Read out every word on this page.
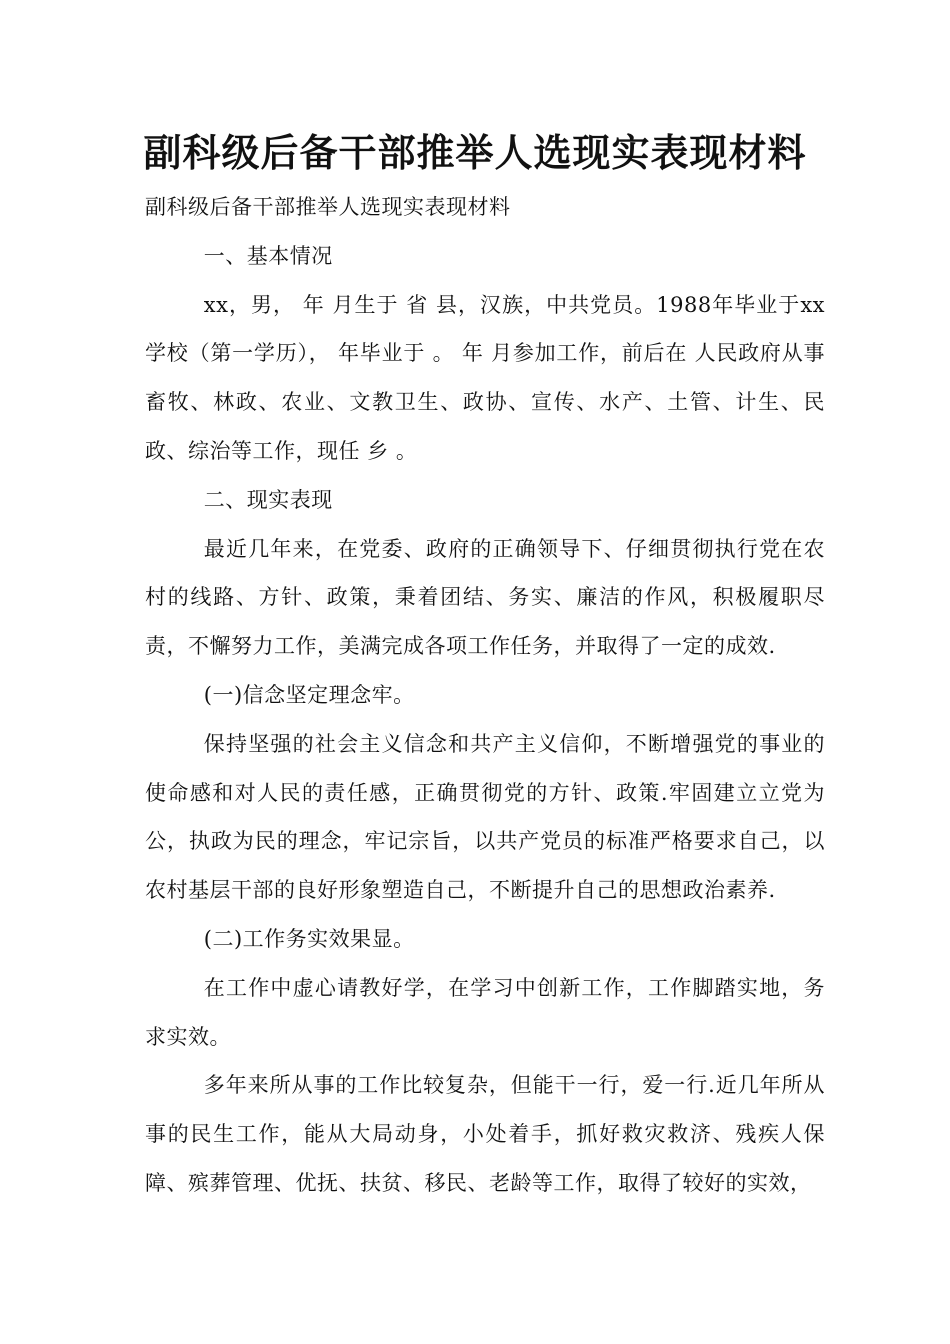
副科级后备干部推举人选现实表现材料

副科级后备干部推举人选现实表现材料

一、基本情况

xx，男， 年 月生于 省 县，汉族，中共党员。1988年毕业于xx学校（第一学历）， 年毕业于 。 年 月参加工作，前后在 人民政府从事畜牧、林政、农业、文教卫生、政协、宣传、水产、土管、计生、民政、综治等工作，现任 乡 。

二、现实表现

最近几年来，在党委、政府的正确领导下、仔细贯彻执行党在农村的线路、方针、政策，秉着团结、务实、廉洁的作风，积极履职尽责，不懈努力工作，美满完成各项工作任务，并取得了一定的成效.

(一)信念坚定理念牢。

保持坚强的社会主义信念和共产主义信仰，不断增强党的事业的使命感和对人民的责任感，正确贯彻党的方针、政策.牢固建立立党为公，执政为民的理念，牢记宗旨，以共产党员的标准严格要求自己，以农村基层干部的良好形象塑造自己，不断提升自己的思想政治素养.

(二)工作务实效果显。

在工作中虚心请教好学，在学习中创新工作，工作脚踏实地，务求实效。

多年来所从事的工作比较复杂，但能干一行，爱一行.近几年所从事的民生工作，能从大局动身，小处着手，抓好救灾救济、残疾人保障、殡葬管理、优抚、扶贫、移民、老龄等工作，取得了较好的实效，
